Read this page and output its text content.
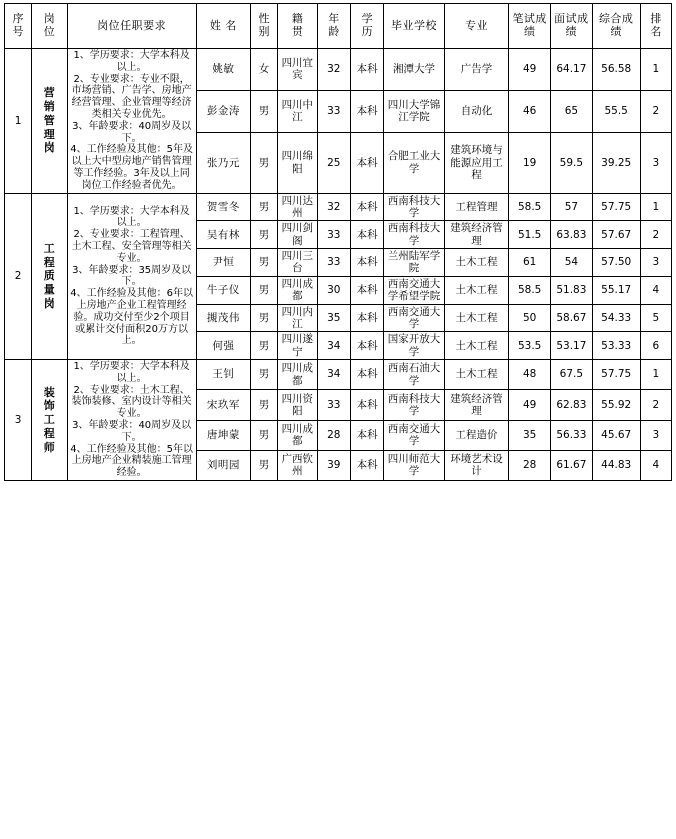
序号	岗位	岗位任职要求	姓 名	性别	籍贯	年龄	学历	毕业学校	专业	笔试成绩	面试成绩	综合成绩	排名

1	营销管理岗	1、学历要求：大学本科及以上。

2、专业要求：专业不限，市场营销、广告学、房地产经营管理、企业管理等经济类相关专业优先。

3、年龄要求：40周岁及以下。

4、工作经验及其他：5年及以上大中型房地产销售管理等工作经验。3年及以上同岗位工作经验者优先。	姚敏	女	四川宜宾	32	本科	湘潭大学	广告学	49	64.17	56.58	1
			彭金涛	男	四川中江	33	本科	四川大学锦江学院	自动化	46	65	55.5	2
			张乃元	男	四川绵阳	25	本科	合肥工业大学	建筑环境与能源应用工程	19	59.5	39.25	3
2	工程质量岗	1、学历要求：大学本科及以上。

2、专业要求：工程管理、土木工程、安全管理等相关专业。

3、年龄要求：35周岁及以下。

4、工作经验及其他：6年以上房地产企业工程管理经验。成功交付至少2个项目或累计交付面积20万方以上。	贺雪冬	男	四川达州	32	本科	西南科技大学	工程管理	58.5	57	57.75	1
			吴有林	男	四川剑阁	33	本科	西南科技大学	建筑经济管理	51.5	63.83	57.67	2
			尹恒	男	四川三台	33	本科	兰州陆军学院	土木工程	61	54	57.50	3
			牛子仪	男	四川成都	30	本科	西南交通大学希望学院	土木工程	58.5	51.83	55.17	4
			摫茂伟	男	四川内江	35	本科	西南交通大学	土木工程	50	58.67	54.33	5
			何强	男	四川遂宁	34	本科	国家开放大学	土木工程	53.5	53.17	53.33	6
3	装饰工程师	1、学历要求：大学本科及以上。

2、专业要求：土木工程、装饰装修、室内设计等相关专业。

3、年龄要求：40周岁及以下。

4、工作经验及其他：5年以上房地产企业精装施工管理经验。	王钊	男	四川成都	34	本科	西南石油大学	土木工程	48	67.5	57.75	1
			宋玖军	男	四川资阳	33	本科	西南科技大学	建筑经济管理	49	62.83	55.92	2
			唐坤蒙	男	四川成都	28	本科	西南交通大学	工程造价	35	56.33	45.67	3
			刘明园	男	广西钦州	39	本科	四川师范大学	环境艺术设计	28	61.67	44.83	4
